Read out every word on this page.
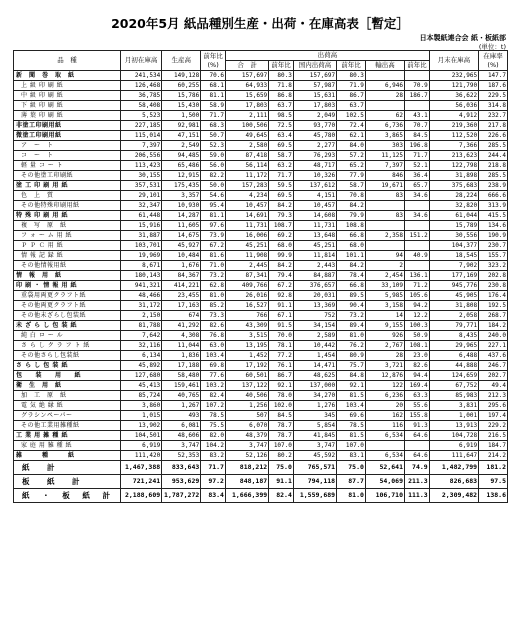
2020年5月 紙品種別生産・出荷・在庫高表［暫定］
日本製紙連合会 紙・板紙部
(単位：t)
品　種	月初在庫高	生産高	前年比
(%)	出荷高						月末在庫高	在庫率
(%)
				合　計	前年比	国内出荷高	前年比	輸出高	前年比		
新　聞　巻　取　紙	241,534	149,128	70.6	157,697	80.3	157,697	80.3			232,965	147.7
上 級 印 刷 紙	126,468	60,255	68.1	64,933	71.8	57,987	71.9	6,946	70.9	121,790	187.6
中 級 印 刷 紙	36,785	15,786	81.1	15,659	86.8	15,631	86.7	28	186.7	36,622	229.5
下 級 印 刷 紙	58,408	15,430	58.9	17,803	63.7	17,803	63.7			56,036	314.8
薄 葉 印 刷 紙	5,523	1,500	71.7	2,111	98.5	2,049	102.5	62	43.1	4,912	232.7
非塗工印刷用紙	227,185	92,981	68.3	100,506	72.5	93,770	72.4	6,736	70.7	219,360	217.8
微塗工印刷用紙	115,014	47,151	50.7	49,645	63.4	45,780	62.1	3,865	84.5	112,520	226.6
ア　ー　ト	7,397	2,549	52.3	2,580	69.5	2,277	84.0	303	196.8	7,366	285.5
コ　ー　ト	206,556	94,485	59.0	87,418	58.7	76,293	57.2	11,125	71.7	213,623	244.4
軽 量 コ ー ト	113,423	65,486	56.0	56,114	63.2	48,717	65.2	7,397	52.1	122,798	218.8
その他塗工印刷紙	30,155	12,915	82.2	11,172	71.7	10,326	77.9	846	36.4	31,898	285.5
塗 工 印 刷 用 紙	357,531	175,435	50.0	157,283	59.5	137,612	58.7	19,671	65.7	375,683	238.9
色　上　質	29,101	3,357	54.6	4,234	69.5	4,151	70.8	83	34.6	28,224	666.6
その他特殊印刷用紙	32,347	10,930	95.4	10,457	84.2	10,457	84.2			32,820	313.9
特 殊 印 刷 用 紙	61,448	14,287	81.1	14,691	79.3	14,608	79.9	83	34.6	61,044	415.5
複　写　原　紙	15,916	11,605	97.6	11,731	108.7	11,731	108.8			15,789	134.6
フ ォ ー ム 用 紙	31,887	14,675	73.9	16,006	69.2	13,648	66.8	2,358	151.2	30,556	190.9
Ｐ Ｐ Ｃ 用 紙	103,701	45,927	67.2	45,251	68.0	45,251	68.0			104,377	230.7
情 報 記 録 紙	19,969	10,484	81.6	11,908	99.9	11,814	101.1	94	40.9	18,545	155.7
その他情報用紙	8,671	1,676	71.0	2,445	84.2	2,443	84.2	2		7,902	323.2
情　報　用　紙	180,143	84,367	73.2	87,341	79.4	84,887	78.4	2,454	136.1	177,169	202.8
印 刷 ・ 情 報 用 紙	941,321	414,221	62.8	409,766	67.2	376,657	66.8	33,109	71.2	945,776	230.8
重袋用両更クラフト紙	48,466	23,455	81.0	26,016	92.8	20,031	89.5	5,985	105.6	45,905	176.4
その他両更クラフト紙	31,172	17,163	85.2	16,527	91.1	13,369	90.4	3,158	94.2	31,808	192.5
その他未ざらし包装紙	2,150	674	73.3	766	67.1	752	73.2	14	12.2	2,058	268.7
未 ざ ら し 包 装 紙	81,788	41,292	82.6	43,309	91.5	34,154	89.4	9,155	100.3	79,771	184.2
純 白 ロ ー ル	7,642	4,308	76.8	3,515	70.0	2,589	81.0	926	50.9	8,435	240.0
さ ら し ク ラ フ ト 紙	32,116	11,044	63.0	13,195	78.1	10,442	76.2	2,767	108.1	29,965	227.1
その他さらし包装紙	6,134	1,836	103.4	1,452	77.2	1,454	80.9	28	23.0	6,488	437.6
さ ら し 包 装 紙	45,892	17,188	69.8	17,192	76.1	14,471	75.7	3,721	82.6	44,888	246.7
包　　装　　用　　紙	127,680	58,480	77.6	60,501	86.7	48,625	84.8	12,876	94.4	124,659	202.7
衛　生　用　紙	45,413	159,461	103.2	137,122	92.1	137,000	92.1	122	169.4	67,752	49.4
加　工　原　紙	85,724	40,765	82.4	40,506	78.0	34,270	81.5	6,236	63.3	85,983	212.3
電 気 絶 縁 紙	3,860	1,267	107.2	1,256	102.0	1,276	103.4	20	55.6	3,831	295.6
グラシンペーパー	1,015	493	78.5	507	84.5	345	69.6	162	155.8	1,001	197.4
その他工業用雑種紙	13,902	6,081	75.5	6,070	78.7	5,854	78.5	116	91.3	13,913	229.2
工 業 用 雑 種 紙	104,501	48,606	82.0	48,379	78.7	41,845	81.5	6,534	64.6	104,728	216.5
家 庭 用 雑 種 紙	6,919	3,747	104.2	3,747	107.0	3,747	107.0			6,919	184.7
雑　　　種　　　紙	111,420	52,353	83.2	52,126	80.2	45,592	83.1	6,534	64.6	111,647	214.2
紙　計	1,467,388	833,643	71.7	818,212	75.0	765,571	75.0	52,641	74.9	1,482,799	181.2
板　紙　計	721,241	953,629	97.2	848,187	91.1	794,118	87.7	54,069	211.3	826,683	97.5
紙 ・ 板 紙 計	2,188,609	1,787,272	83.4	1,666,399	82.4	1,559,689	81.0	106,710	111.3	2,309,482	138.6
